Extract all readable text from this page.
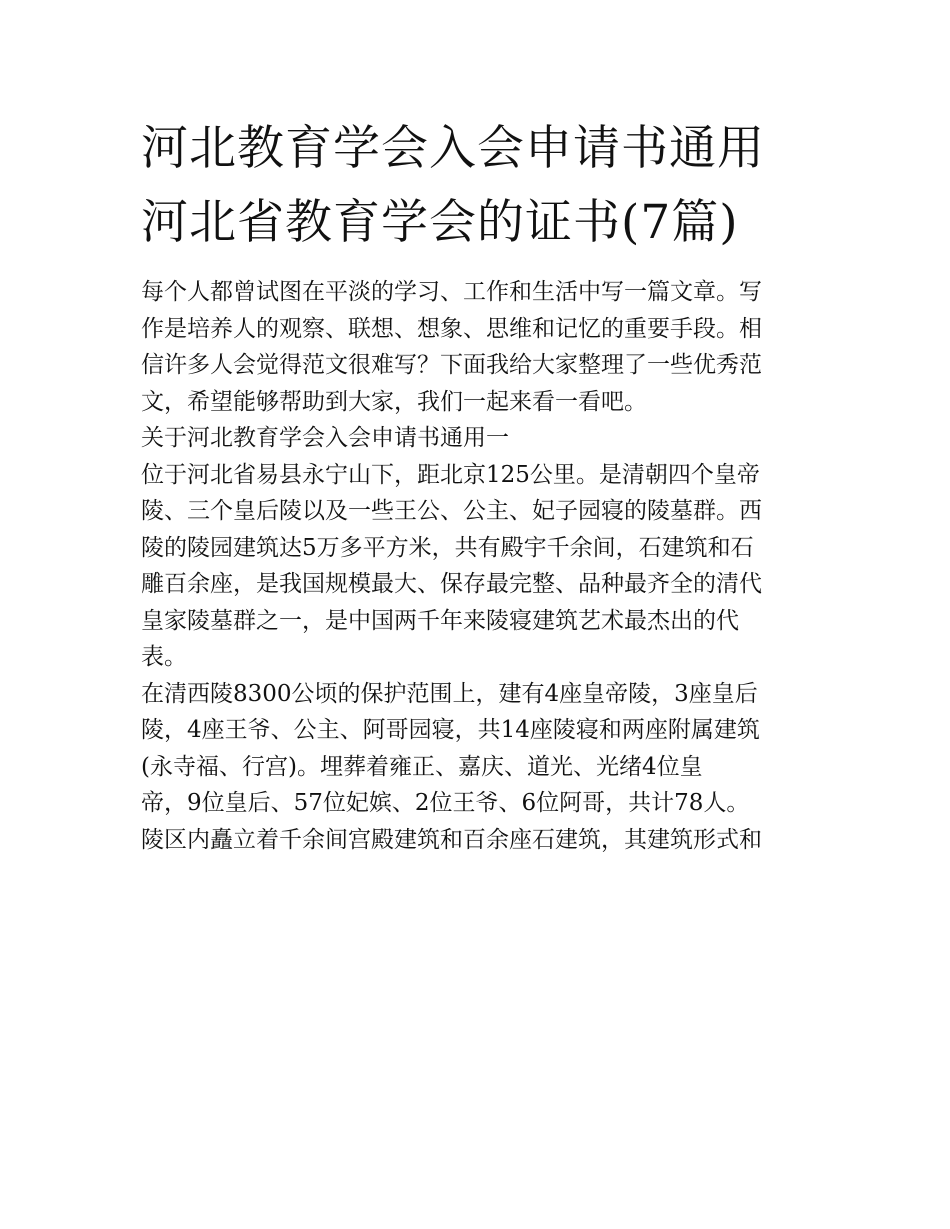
河北教育学会入会申请书通用
河北省教育学会的证书(7篇)
每个人都曾试图在平淡的学习、工作和生活中写一篇文章。写
作是培养人的观察、联想、想象、思维和记忆的重要手段。相
信许多人会觉得范文很难写？下面我给大家整理了一些优秀范
文，希望能够帮助到大家，我们一起来看一看吧。
关于河北教育学会入会申请书通用一
位于河北省易县永宁山下，距北京125公里。是清朝四个皇帝
陵、三个皇后陵以及一些王公、公主、妃子园寝的陵墓群。西
陵的陵园建筑达5万多平方米，共有殿宇千余间，石建筑和石
雕百余座，是我国规模最大、保存最完整、品种最齐全的清代
皇家陵墓群之一，是中国两千年来陵寝建筑艺术最杰出的代
表。
在清西陵8300公顷的保护范围上，建有4座皇帝陵，3座皇后
陵，4座王爷、公主、阿哥园寝，共14座陵寝和两座附属建筑
(永寺福、行宫)。埋葬着雍正、嘉庆、道光、光绪4位皇
帝，9位皇后、57位妃嫔、2位王爷、6位阿哥，共计78人。
陵区内矗立着千余间宫殿建筑和百余座石建筑，其建筑形式和
